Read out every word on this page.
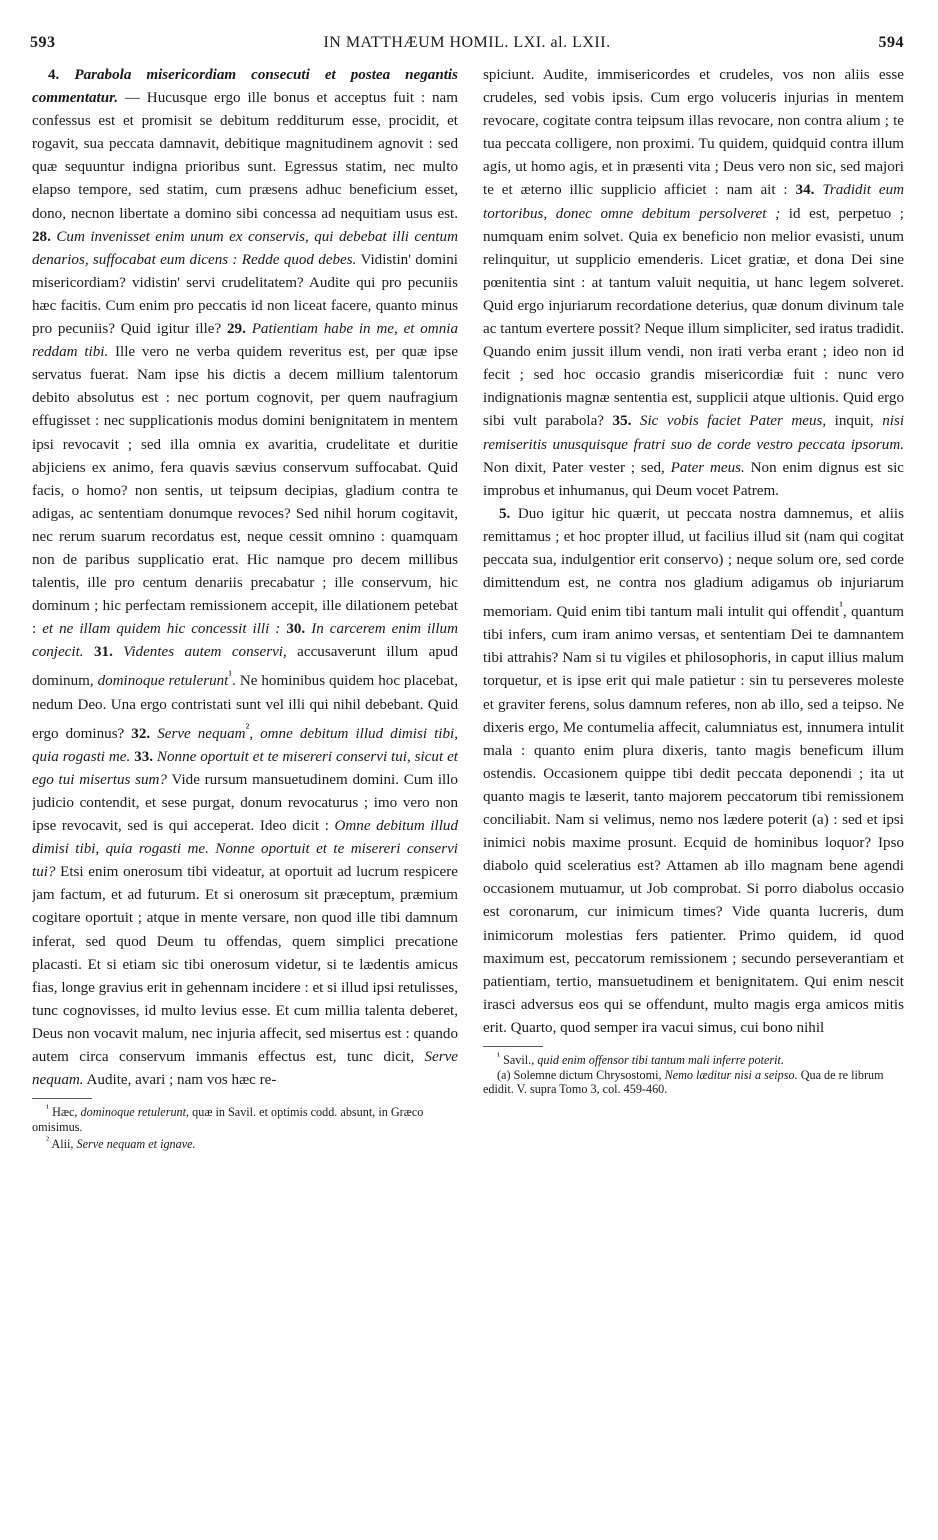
593	IN MATTHÆUM HOMIL. LXI. al. LXII.	594

4. Parabola misericordiam consecuti et postea negantis commentatur. — Hucusque ergo ille bonus et acceptus fuit : nam confessus est et promisit se debitum redditurum esse, procidit, et rogavit, sua peccata damnavit, debitique magnitudinem agnovit : sed quæ sequuntur indigna prioribus sunt. Egressus statim, nec multo elapso tempore, sed statim, cum præsens adhuc beneficium esset, dono, necnon libertate a domino sibi concessa ad nequitiam usus est. 28. Cum invenisset enim unum ex conservis, qui debebat illi centum denarios, suffocabat eum dicens : Redde quod debes. Vidistin' domini misericordiam? vidistin' servi crudelitatem? Audite qui pro pecuniis hæc facitis. Cum enim pro peccatis id non liceat facere, quanto minus pro pecuniis? Quid igitur ille? 29. Patientiam habe in me, et omnia reddam tibi. Ille vero ne verba quidem reveritus est, per quæ ipse servatus fuerat. Nam ipse his dictis a decem millium talentorum debito absolutus est : nec portum cognovit, per quem naufragium effugisset : nec supplicationis modus domini benignitatem in mentem ipsi revocavit ; sed illa omnia ex avaritia, crudelitate et duritie abjiciens ex animo, fera quavis sævius conservum suffocabat. Quid facis, o homo? non sentis, ut teipsum decipias, gladium contra te adigas, ac sententiam donumque revoces? Sed nihil horum cogitavit, nec rerum suarum recordatus est, neque cessit omnino : quamquam non de paribus supplicatio erat. Hic namque pro decem millibus talentis, ille pro centum denariis precabatur ; ille conservum, hic dominum ; hic perfectam remissionem accepit, ille dilationem petebat : et ne illam quidem hic concessit illi : 30. In carcerem enim illum conjecit. 31. Videntes autem conservi, accusaverunt illum apud dominum, dominoque retulerunt$^{^1}$. Ne hominibus quidem hoc placebat, nedum Deo. Una ergo contristati sunt vel illi qui nihil debebant. Quid ergo dominus? 32. Serve nequam$^{^2}$, omne debitum illud dimisi tibi, quia rogasti me. 33. Nonne oportuit et te misereri conservi tui, sicut et ego tui misertus sum? Vide rursum mansuetudinem domini. Cum illo judicio contendit, et sese purgat, donum revocaturus ; imo vero non ipse revocavit, sed is qui acceperat. Ideo dicit : Omne debitum illud dimisi tibi, quia rogasti me. Nonne oportuit et te misereri conservi tui? Etsi enim onerosum tibi videatur, at oportuit ad lucrum respicere jam factum, et ad futurum. Et si onerosum sit præceptum, præmium cogitare oportuit ; atque in mente versare, non quod ille tibi damnum inferat, sed quod Deum tu offendas, quem simplici precatione placasti. Et si etiam sic tibi onerosum videtur, si te lædentis amicus fias, longe gravius erit in gehennam incidere : et si illud ipsi retulisses, tunc cognovisses, id multo levius esse. Et cum millia talenta deberet, Deus non vocavit malum, nec injuria affecit, sed misertus est : quando autem circa conservum immanis effectus est, tunc dicit, Serve nequam. Audite, avari ; nam vos hæc re-

$^{^1}$ Hæc, dominoque retulerunt, quæ in Savil. et optimis codd. absunt, in Græco omisimus.
$^{^2}$ Alii, Serve nequam et ignave.

spiciunt. Audite, immisericordes et crudeles, vos non aliis esse crudeles, sed vobis ipsis. Cum ergo voluceris injurias in mentem revocare, cogitate contra teipsum illas revocare, non contra alium ; te tua peccata colligere, non proximi. Tu quidem, quidquid contra illum agis, ut homo agis, et in præsenti vita ; Deus vero non sic, sed majori te et æterno illic supplicio afficiet : nam ait : 34. Tradidit eum tortoribus, donec omne debitum persolveret ; id est, perpetuo ; numquam enim solvet. Quia ex beneficio non melior evasisti, unum relinquitur, ut supplicio emenderis. Licet gratiæ, et dona Dei sine pœnitentia sint : at tantum valuit nequitia, ut hanc legem solveret. Quid ergo injuriarum recordatione deterius, quæ donum divinum tale ac tantum evertere possit? Neque illum simpliciter, sed iratus tradidit. Quando enim jussit illum vendi, non irati verba erant ; ideo non id fecit ; sed hoc occasio grandis misericordiæ fuit : nunc vero indignationis magnæ sententia est, supplicii atque ultionis. Quid ergo sibi vult parabola? 35. Sic vobis faciet Pater meus, inquit, nisi remiseritis unusquisque fratri suo de corde vestro peccata ipsorum. Non dixit, Pater vester ; sed, Pater meus. Non enim dignus est sic improbus et inhumanus, qui Deum vocet Patrem.

5. Duo igitur hic quærit, ut peccata nostra damnemus, et aliis remittamus ; et hoc propter illud, ut facilius illud sit (nam qui cogitat peccata sua, indulgentior erit conservo) ; neque solum ore, sed corde dimittendum est, ne contra nos gladium adigamus ob injuriarum memoriam. Quid enim tibi tantum mali intulit qui offendit$^{^1}$, quantum tibi infers, cum iram animo versas, et sententiam Dei te damnantem tibi attrahis? Nam si tu vigiles et philosophoris, in caput illius malum torquetur, et is ipse erit qui male patietur : sin tu perseveres moleste et graviter ferens, solus damnum referes, non ab illo, sed a teipso. Ne dixeris ergo, Me contumelia affecit, calumniatus est, innumera intulit mala : quanto enim plura dixeris, tanto magis beneficum illum ostendis. Occasionem quippe tibi dedit peccata deponendi ; ita ut quanto magis te læserit, tanto majorem peccatorum tibi remissionem conciliabit. Nam si velimus, nemo nos lædere poterit (a) : sed et ipsi inimici nobis maxime prosunt. Ecquid de hominibus loquor? Ipso diabolo quid sceleratius est? Attamen ab illo magnam bene agendi occasionem mutuamur, ut Job comprobat. Si porro diabolus occasio est coronarum, cur inimicum times? Vide quanta lucreris, dum inimicorum molestias fers patienter. Primo quidem, id quod maximum est, peccatorum remissionem ; secundo perseverantiam et patientiam, tertio, mansuetudinem et benignitatem. Qui enim nescit irasci adversus eos qui se offendunt, multo magis erga amicos mitis erit. Quarto, quod semper ira vacui simus, cui bono nihil

$^{^1}$ Savil., quid enim offensor tibi tantum mali inferre poterit.
(a) Solemne dictum Chrysostomi, Nemo læditur nisi a seipso. Qua de re librum edidit. V. supra Tomo 3, col. 459-460.
